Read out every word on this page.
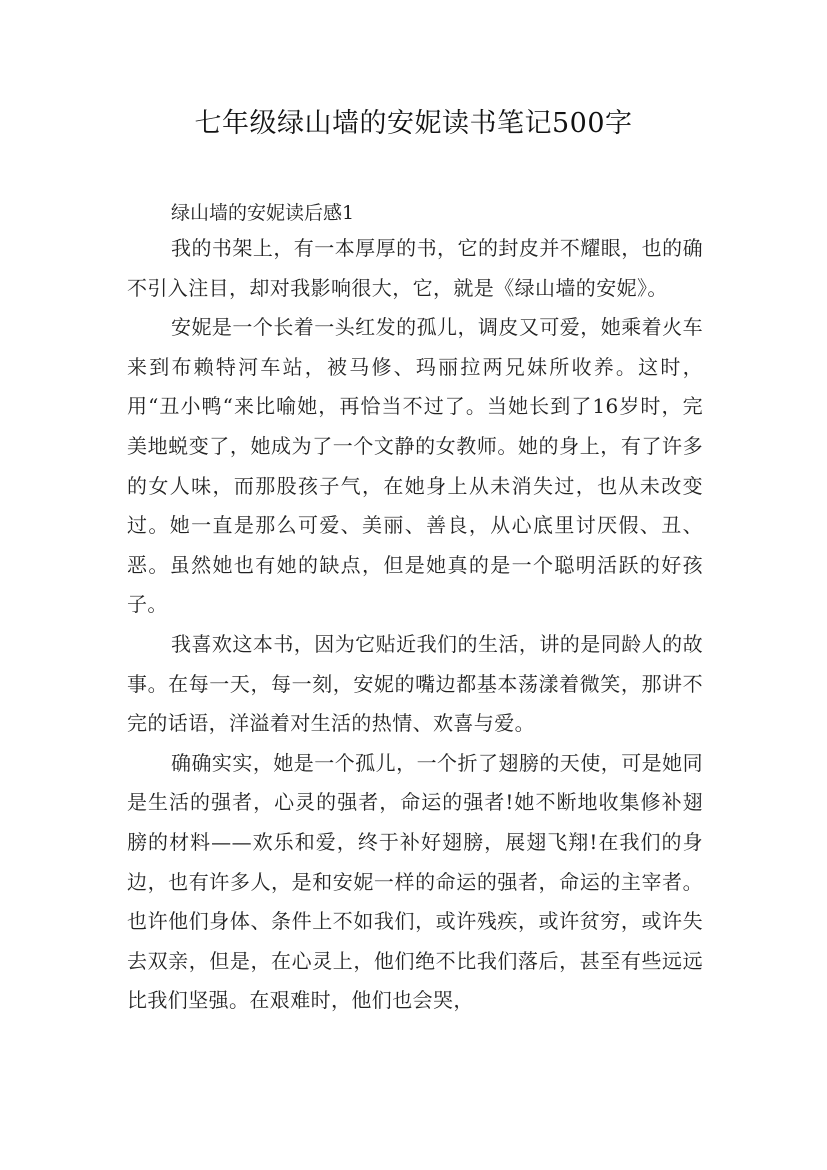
七年级绿山墙的安妮读书笔记500字

绿山墙的安妮读后感1

我的书架上，有一本厚厚的书，它的封皮并不耀眼，也的确不引入注目，却对我影响很大，它，就是《绿山墙的安妮》。

安妮是一个长着一头红发的孤儿，调皮又可爱，她乘着火车来到布赖特河车站，被马修、玛丽拉两兄妹所收养。这时，用“丑小鸭“来比喻她，再恰当不过了。当她长到了16岁时，完美地蜕变了，她成为了一个文静的女教师。她的身上，有了许多的女人味，而那股孩子气，在她身上从未消失过，也从未改变过。她一直是那么可爱、美丽、善良，从心底里讨厌假、丑、恶。虽然她也有她的缺点，但是她真的是一个聪明活跃的好孩子。

我喜欢这本书，因为它贴近我们的生活，讲的是同龄人的故事。在每一天，每一刻，安妮的嘴边都基本荡漾着微笑，那讲不完的话语，洋溢着对生活的热情、欢喜与爱。

确确实实，她是一个孤儿，一个折了翅膀的天使，可是她同是生活的强者，心灵的强者，命运的强者!她不断地收集修补翅膀的材料——欢乐和爱，终于补好翅膀，展翅飞翔!在我们的身边，也有许多人，是和安妮一样的命运的强者，命运的主宰者。也许他们身体、条件上不如我们，或许残疾，或许贫穷，或许失去双亲，但是，在心灵上，他们绝不比我们落后，甚至有些远远比我们坚强。在艰难时，他们也会哭，
